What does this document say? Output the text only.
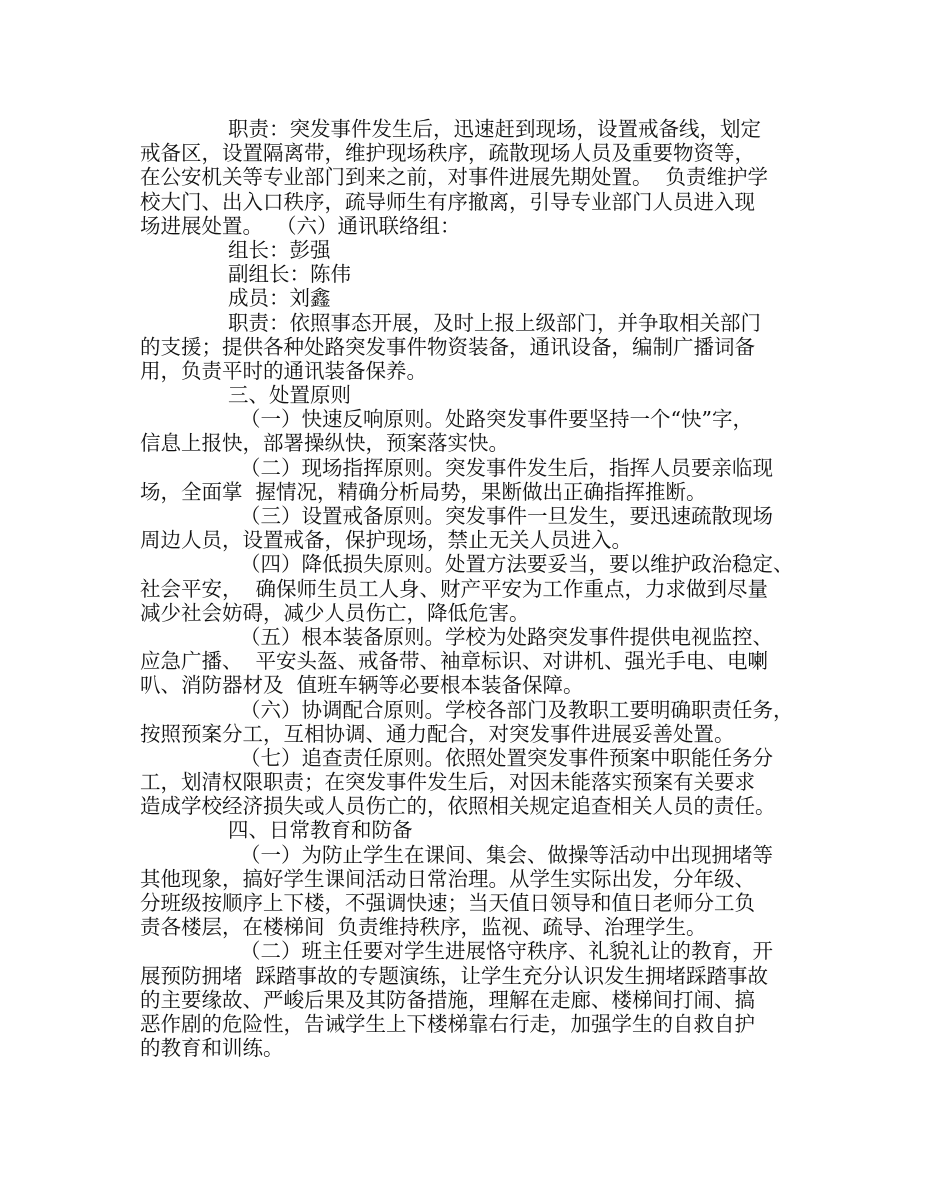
职责：突发事件发生后，迅速赶到现场，设置戒备线，划定
戒备区，设置隔离带，维护现场秩序，疏散现场人员及重要物资等，
在公安机关等专业部门到来之前，对事件进展先期处置。  负责维护学
校大门、出入口秩序，疏导师生有序撤离，引导专业部门人员进入现
场进展处置。  （六）通讯联络组：
组长：彭强
副组长：陈伟
成员：刘鑫
职责：依照事态开展，及时上报上级部门，并争取相关部门
的支援；提供各种处路突发事件物资装备，通讯设备，编制广播词备
用，负责平时的通讯装备保养。
三、处置原则
（一）快速反响原则。处路突发事件要坚持一个“快”字，
信息上报快，部署操纵快，预案落实快。
（二）现场指挥原则。突发事件发生后，指挥人员要亲临现
场，全面掌  握情况，精确分析局势，果断做出正确指挥推断。
（三）设置戒备原则。突发事件一旦发生，要迅速疏散现场
周边人员，设置戒备，保护现场，禁止无关人员进入。
（四）降低损失原则。处置方法要妥当，要以维护政治稳定、
社会平安，  确保师生员工人身、财产平安为工作重点，力求做到尽量
减少社会妨碍，减少人员伤亡，降低危害。
（五）根本装备原则。学校为处路突发事件提供电视监控、
应急广播、  平安头盔、戒备带、袖章标识、对讲机、强光手电、电喇
叭、消防器材及  值班车辆等必要根本装备保障。
（六）协调配合原则。学校各部门及教职工要明确职责任务，
按照预案分工，互相协调、通力配合，对突发事件进展妥善处置。
（七）追查责任原则。依照处置突发事件预案中职能任务分
工，划清权限职责；在突发事件发生后，对因未能落实预案有关要求
造成学校经济损失或人员伤亡的，依照相关规定追查相关人员的责任。
四、日常教育和防备
（一）为防止学生在课间、集会、做操等活动中出现拥堵等
其他现象，搞好学生课间活动日常治理。从学生实际出发，分年级、
分班级按顺序上下楼，不强调快速；当天值日领导和值日老师分工负
责各楼层，在楼梯间  负责维持秩序，监视、疏导、治理学生。
（二）班主任要对学生进展恪守秩序、礼貌礼让的教育，开
展预防拥堵  踩踏事故的专题演练，让学生充分认识发生拥堵踩踏事故
的主要缘故、严峻后果及其防备措施，理解在走廊、楼梯间打闹、搞
恶作剧的危险性，告诫学生上下楼梯靠右行走，加强学生的自救自护
的教育和训练。
